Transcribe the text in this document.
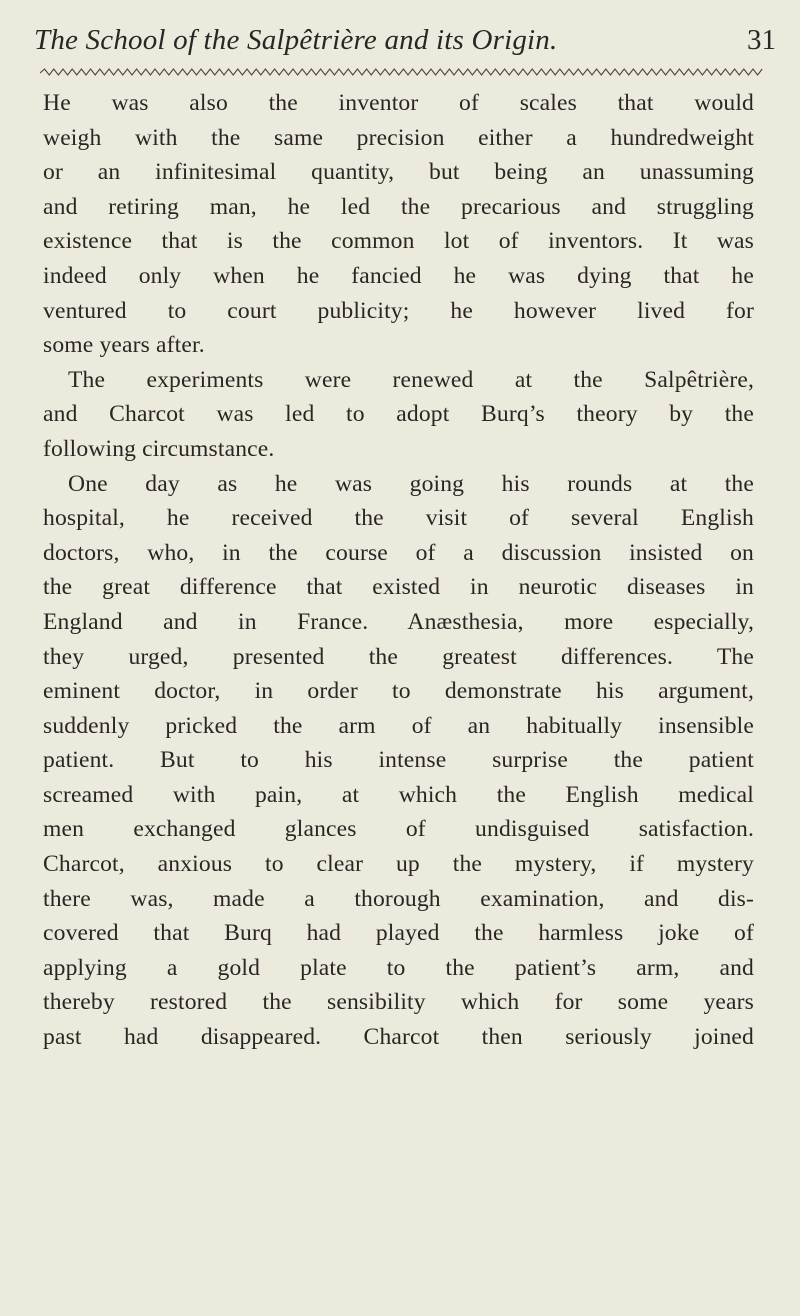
The School of the Salpêtrière and its Origin.	31
He was also the inventor of scales that would
weigh with the same precision either a hundredweight
or an infinitesimal quantity, but being an unassuming
and retiring man, he led the precarious and struggling
existence that is the common lot of inventors. It was
indeed only when he fancied he was dying that he
ventured to court publicity; he however lived for
some years after.
The experiments were renewed at the Salpêtrière,
and Charcot was led to adopt Burq’s theory by the
following circumstance.
One day as he was going his rounds at the
hospital, he received the visit of several English
doctors, who, in the course of a discussion insisted on
the great difference that existed in neurotic diseases in
England and in France. Anæsthesia, more especially,
they urged, presented the greatest differences. The
eminent doctor, in order to demonstrate his argument,
suddenly pricked the arm of an habitually insensible
patient. But to his intense surprise the patient
screamed with pain, at which the English medical
men exchanged glances of undisguised satisfaction.
Charcot, anxious to clear up the mystery, if mystery
there was, made a thorough examination, and dis-
covered that Burq had played the harmless joke of
applying a gold plate to the patient’s arm, and
thereby restored the sensibility which for some years
past had disappeared. Charcot then seriously joined
